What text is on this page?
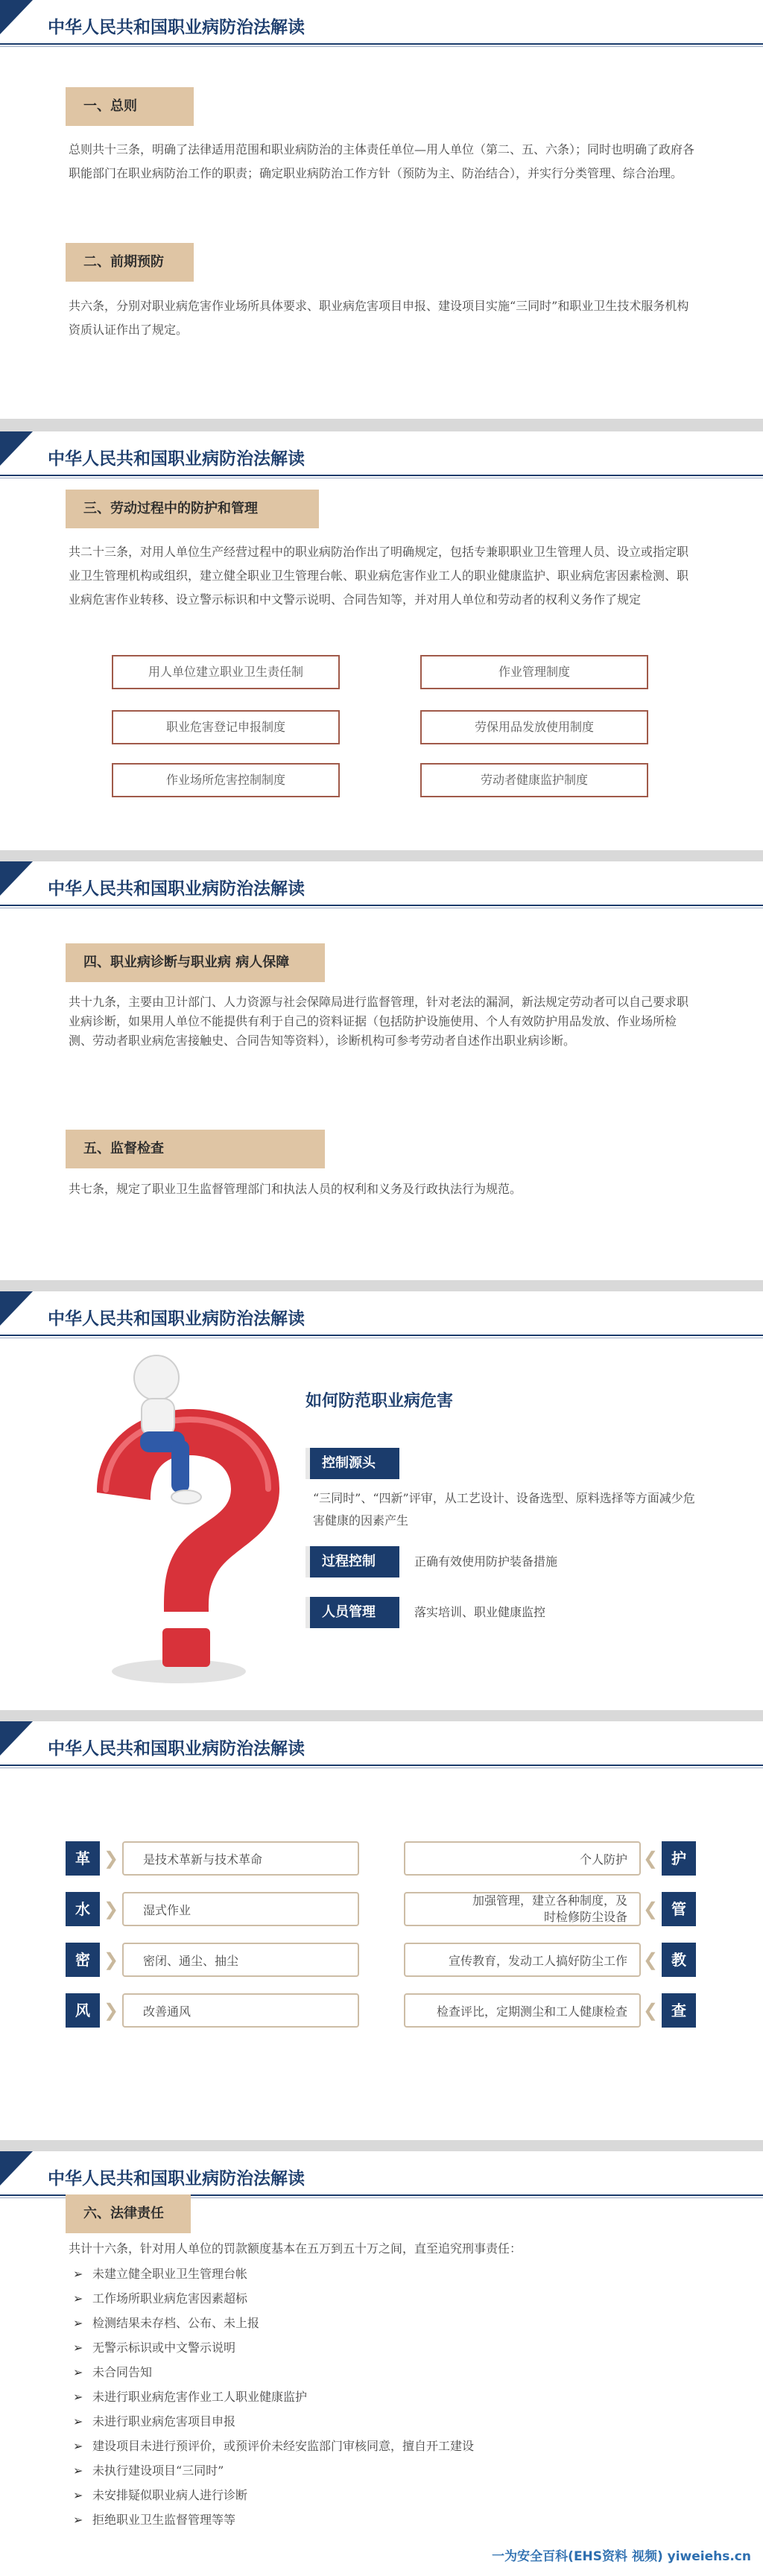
中华人民共和国职业病防治法解读
一、总则
总则共十三条，明确了法律适用范围和职业病防治的主体责任单位—用人单位（第二、五、六条）；同时也明确了政府各职能部门在职业病防治工作的职责；确定职业病防治工作方针（预防为主、防治结合），并实行分类管理、综合治理。
二、前期预防
共六条，分别对职业病危害作业场所具体要求、职业病危害项目申报、建设项目实施“三同时”和职业卫生技术服务机构资质认证作出了规定。
中华人民共和国职业病防治法解读
三、劳动过程中的防护和管理
共二十三条，对用人单位生产经营过程中的职业病防治作出了明确规定，包括专兼职职业卫生管理人员、设立或指定职业卫生管理机构或组织，建立健全职业卫生管理台帐、职业病危害作业工人的职业健康监护、职业病危害因素检测、职业病危害作业转移、设立警示标识和中文警示说明、合同告知等，并对用人单位和劳动者的权利义务作了规定
用人单位建立职业卫生责任制	作业管理制度
职业危害登记申报制度	劳保用品发放使用制度
作业场所危害控制制度	劳动者健康监护制度
中华人民共和国职业病防治法解读
四、职业病诊断与职业病 病人保障
共十九条，主要由卫计部门、人力资源与社会保障局进行监督管理，针对老法的漏洞，新法规定劳动者可以自己要求职业病诊断，如果用人单位不能提供有利于自己的资料证据（包括防护设施使用、个人有效防护用品发放、作业场所检测、劳动者职业病危害接触史、合同告知等资料），诊断机构可参考劳动者自述作出职业病诊断。
五、监督检查
共七条，规定了职业卫生监督管理部门和执法人员的权利和义务及行政执法行为规范。
中华人民共和国职业病防治法解读
如何防范职业病危害
控制源头
“三同时”、“四新”评审，从工艺设计、设备选型、原料选择等方面减少危害健康的因素产生
过程控制	正确有效使用防护装备措施
人员管理	落实培训、职业健康监控
中华人民共和国职业病防治法解读
革 ❯ 是技术革新与技术革命
水 ❯ 湿式作业
密 ❯ 密闭、通尘、抽尘
风 ❯ 改善通风
个人防护 ❮ 护
加强管理，建立各种制度，及
时检修防尘设备 ❮ 管
宣传教育，发动工人搞好防尘工作 ❮ 教
检查评比，定期测尘和工人健康检查 ❮ 查
中华人民共和国职业病防治法解读
六、法律责任
共计十六条，针对用人单位的罚款额度基本在五万到五十万之间，直至追究刑事责任：
➢ 未建立健全职业卫生管理台帐
➢ 工作场所职业病危害因素超标
➢ 检测结果未存档、公布、未上报
➢ 无警示标识或中文警示说明
➢ 未合同告知
➢ 未进行职业病危害作业工人职业健康监护
➢ 未进行职业病危害项目申报
➢ 建设项目未进行预评价，或预评价未经安监部门审核同意，擅自开工建设
➢ 未执行建设项目“三同时”
➢ 未安排疑似职业病人进行诊断
➢ 拒绝职业卫生监督管理等等
一为安全百科(EHS资料 视频) yiweiehs.cn
